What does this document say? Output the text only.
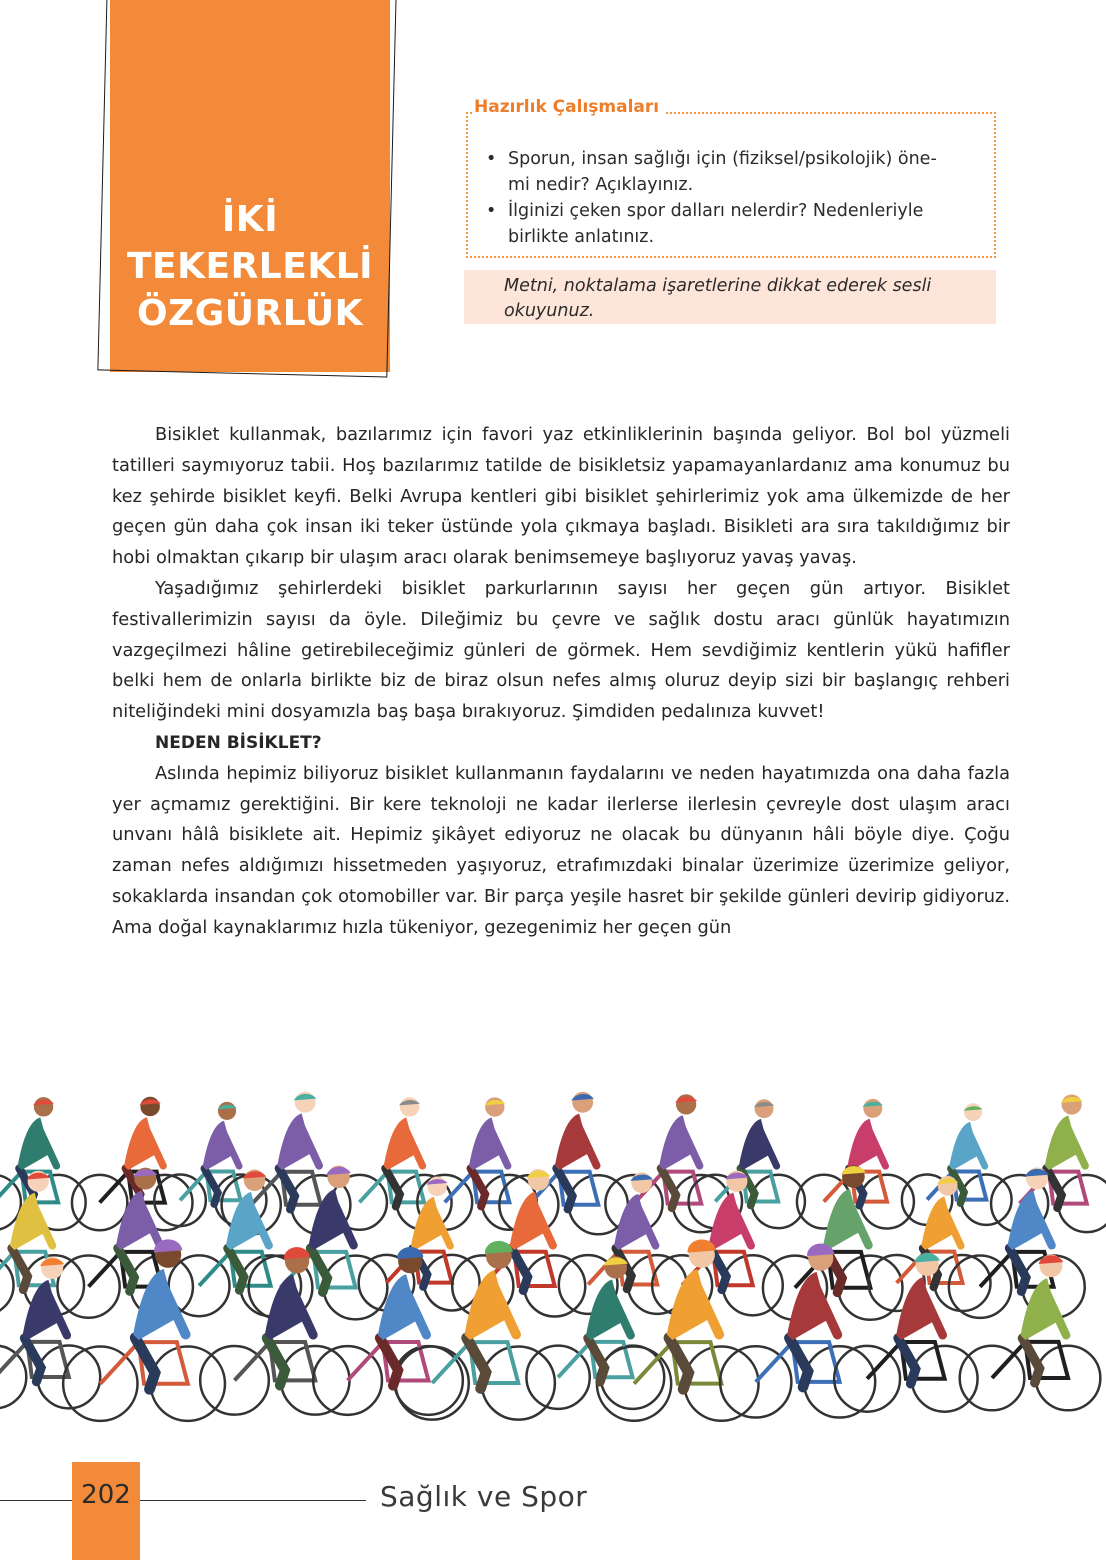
İKİ
TEKERLEKLİ
ÖZGÜRLÜK
Hazırlık Çalışmaları
• Sporun, insan sağlığı için (fiziksel/psikolojik) öne-
mi nedir? Açıklayınız.
• İlginizi çeken spor dalları nelerdir? Nedenleriyle
birlikte anlatınız.
Metni, noktalama işaretlerine dikkat ederek sesli
okuyunuz.

Bisiklet kullanmak, bazılarımız için favori yaz etkinliklerinin başında geliyor. Bol bol yüzmeli tatilleri saymıyoruz tabii. Hoş bazılarımız tatilde de bisikletsiz yapamayanlardanız ama konumuz bu kez şehirde bisiklet keyfi. Belki Avrupa kentleri gibi bisiklet şehirlerimiz yok ama ülkemizde de her geçen gün daha çok insan iki teker üstünde yola çıkmaya başladı. Bisikleti ara sıra takıldığımız bir hobi olmaktan çıkarıp bir ulaşım aracı olarak benimsemeye başlıyoruz yavaş yavaş.

Yaşadığımız şehirlerdeki bisiklet parkurlarının sayısı her geçen gün artıyor. Bisiklet festivallerimizin sayısı da öyle. Dileğimiz bu çevre ve sağlık dostu aracı günlük hayatımızın vazgeçilmezi hâline getirebileceğimiz günleri de görmek. Hem sevdiğimiz kentlerin yükü hafifler belki hem de onlarla birlikte biz de biraz olsun nefes almış oluruz deyip sizi bir başlangıç rehberi niteliğindeki mini dosyamızla baş başa bırakıyoruz. Şimdiden pedalınıza kuvvet!

NEDEN BİSİKLET?

Aslında hepimiz biliyoruz bisiklet kullanmanın faydalarını ve neden hayatımızda ona daha fazla yer açmamız gerektiğini. Bir kere teknoloji ne kadar ilerlerse ilerlesin çevreyle dost ulaşım aracı unvanı hâlâ bisiklete ait. Hepimiz şikâyet ediyoruz ne olacak bu dünyanın hâli böyle diye. Çoğu zaman nefes aldığımızı hissetmeden yaşıyoruz, etrafımızdaki binalar üzerimize üzerimize geliyor, sokaklarda insandan çok otomobiller var. Bir parça yeşile hasret bir şekilde günleri devirip gidiyoruz. Ama doğal kaynaklarımız hızla tükeniyor, gezegenimiz her geçen gün

202	Sağlık ve Spor
